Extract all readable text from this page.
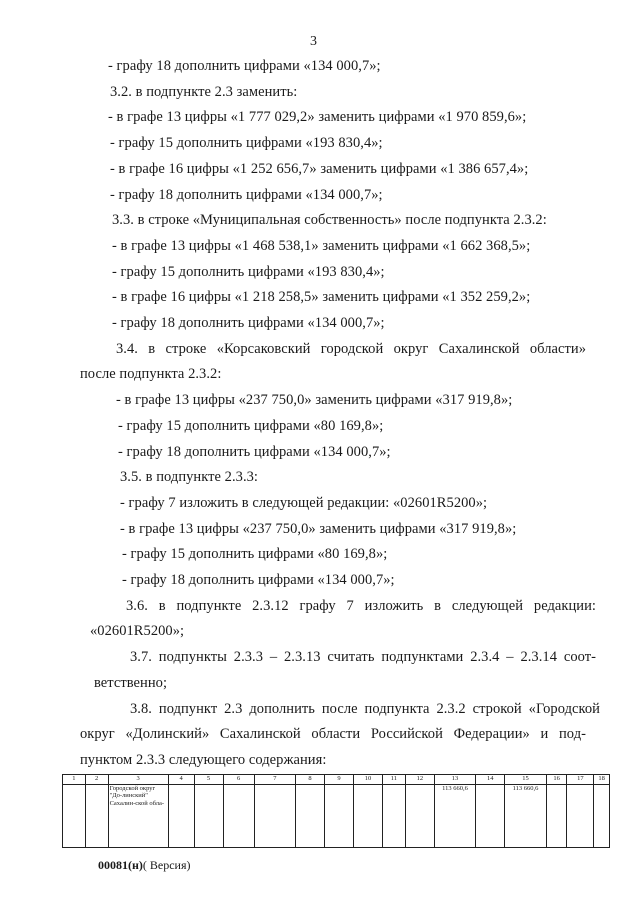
3
- графу 18 дополнить цифрами «134 000,7»;
3.2. в подпункте 2.3 заменить:
- в графе 13 цифры «1 777 029,2» заменить цифрами «1 970 859,6»;
- графу 15 дополнить цифрами «193 830,4»;
- в графе 16 цифры «1 252 656,7» заменить цифрами «1 386 657,4»;
- графу 18 дополнить цифрами «134 000,7»;
3.3. в строке «Муниципальная собственность» после подпункта 2.3.2:
- в графе 13 цифры «1 468 538,1» заменить цифрами «1 662 368,5»;
- графу 15 дополнить цифрами «193 830,4»;
- в графе 16 цифры «1 218 258,5» заменить цифрами «1 352 259,2»;
- графу 18 дополнить цифрами «134 000,7»;
3.4. в строке «Корсаковский городской округ Сахалинской области»
после подпункта 2.3.2:
- в графе 13 цифры «237 750,0» заменить цифрами «317 919,8»;
- графу 15 дополнить цифрами «80 169,8»;
- графу 18 дополнить цифрами «134 000,7»;
3.5. в подпункте 2.3.3:
- графу 7 изложить в следующей редакции: «02601R5200»;
- в графе 13 цифры «237 750,0» заменить цифрами «317 919,8»;
- графу 15 дополнить цифрами «80 169,8»;
- графу 18 дополнить цифрами «134 000,7»;
3.6. в подпункте 2.3.12 графу 7 изложить в следующей редакции:
«02601R5200»;
3.7. подпункты 2.3.3 – 2.3.13 считать подпунктами 2.3.4 – 2.3.14 соот-
ветственно;
3.8. подпункт 2.3 дополнить после подпункта 2.3.2 строкой «Городской
округ «Долинский» Сахалинской области Российской Федерации» и под-
пунктом 2.3.3 следующего содержания:
1	2	3	4	5	6	7	8	9	10	11	12	13	14	15	16	17	18
		Городской округ "До-линский" Сахалин-ской обла-										113 660,6		113 660,6			
00081(н)( Версия)
